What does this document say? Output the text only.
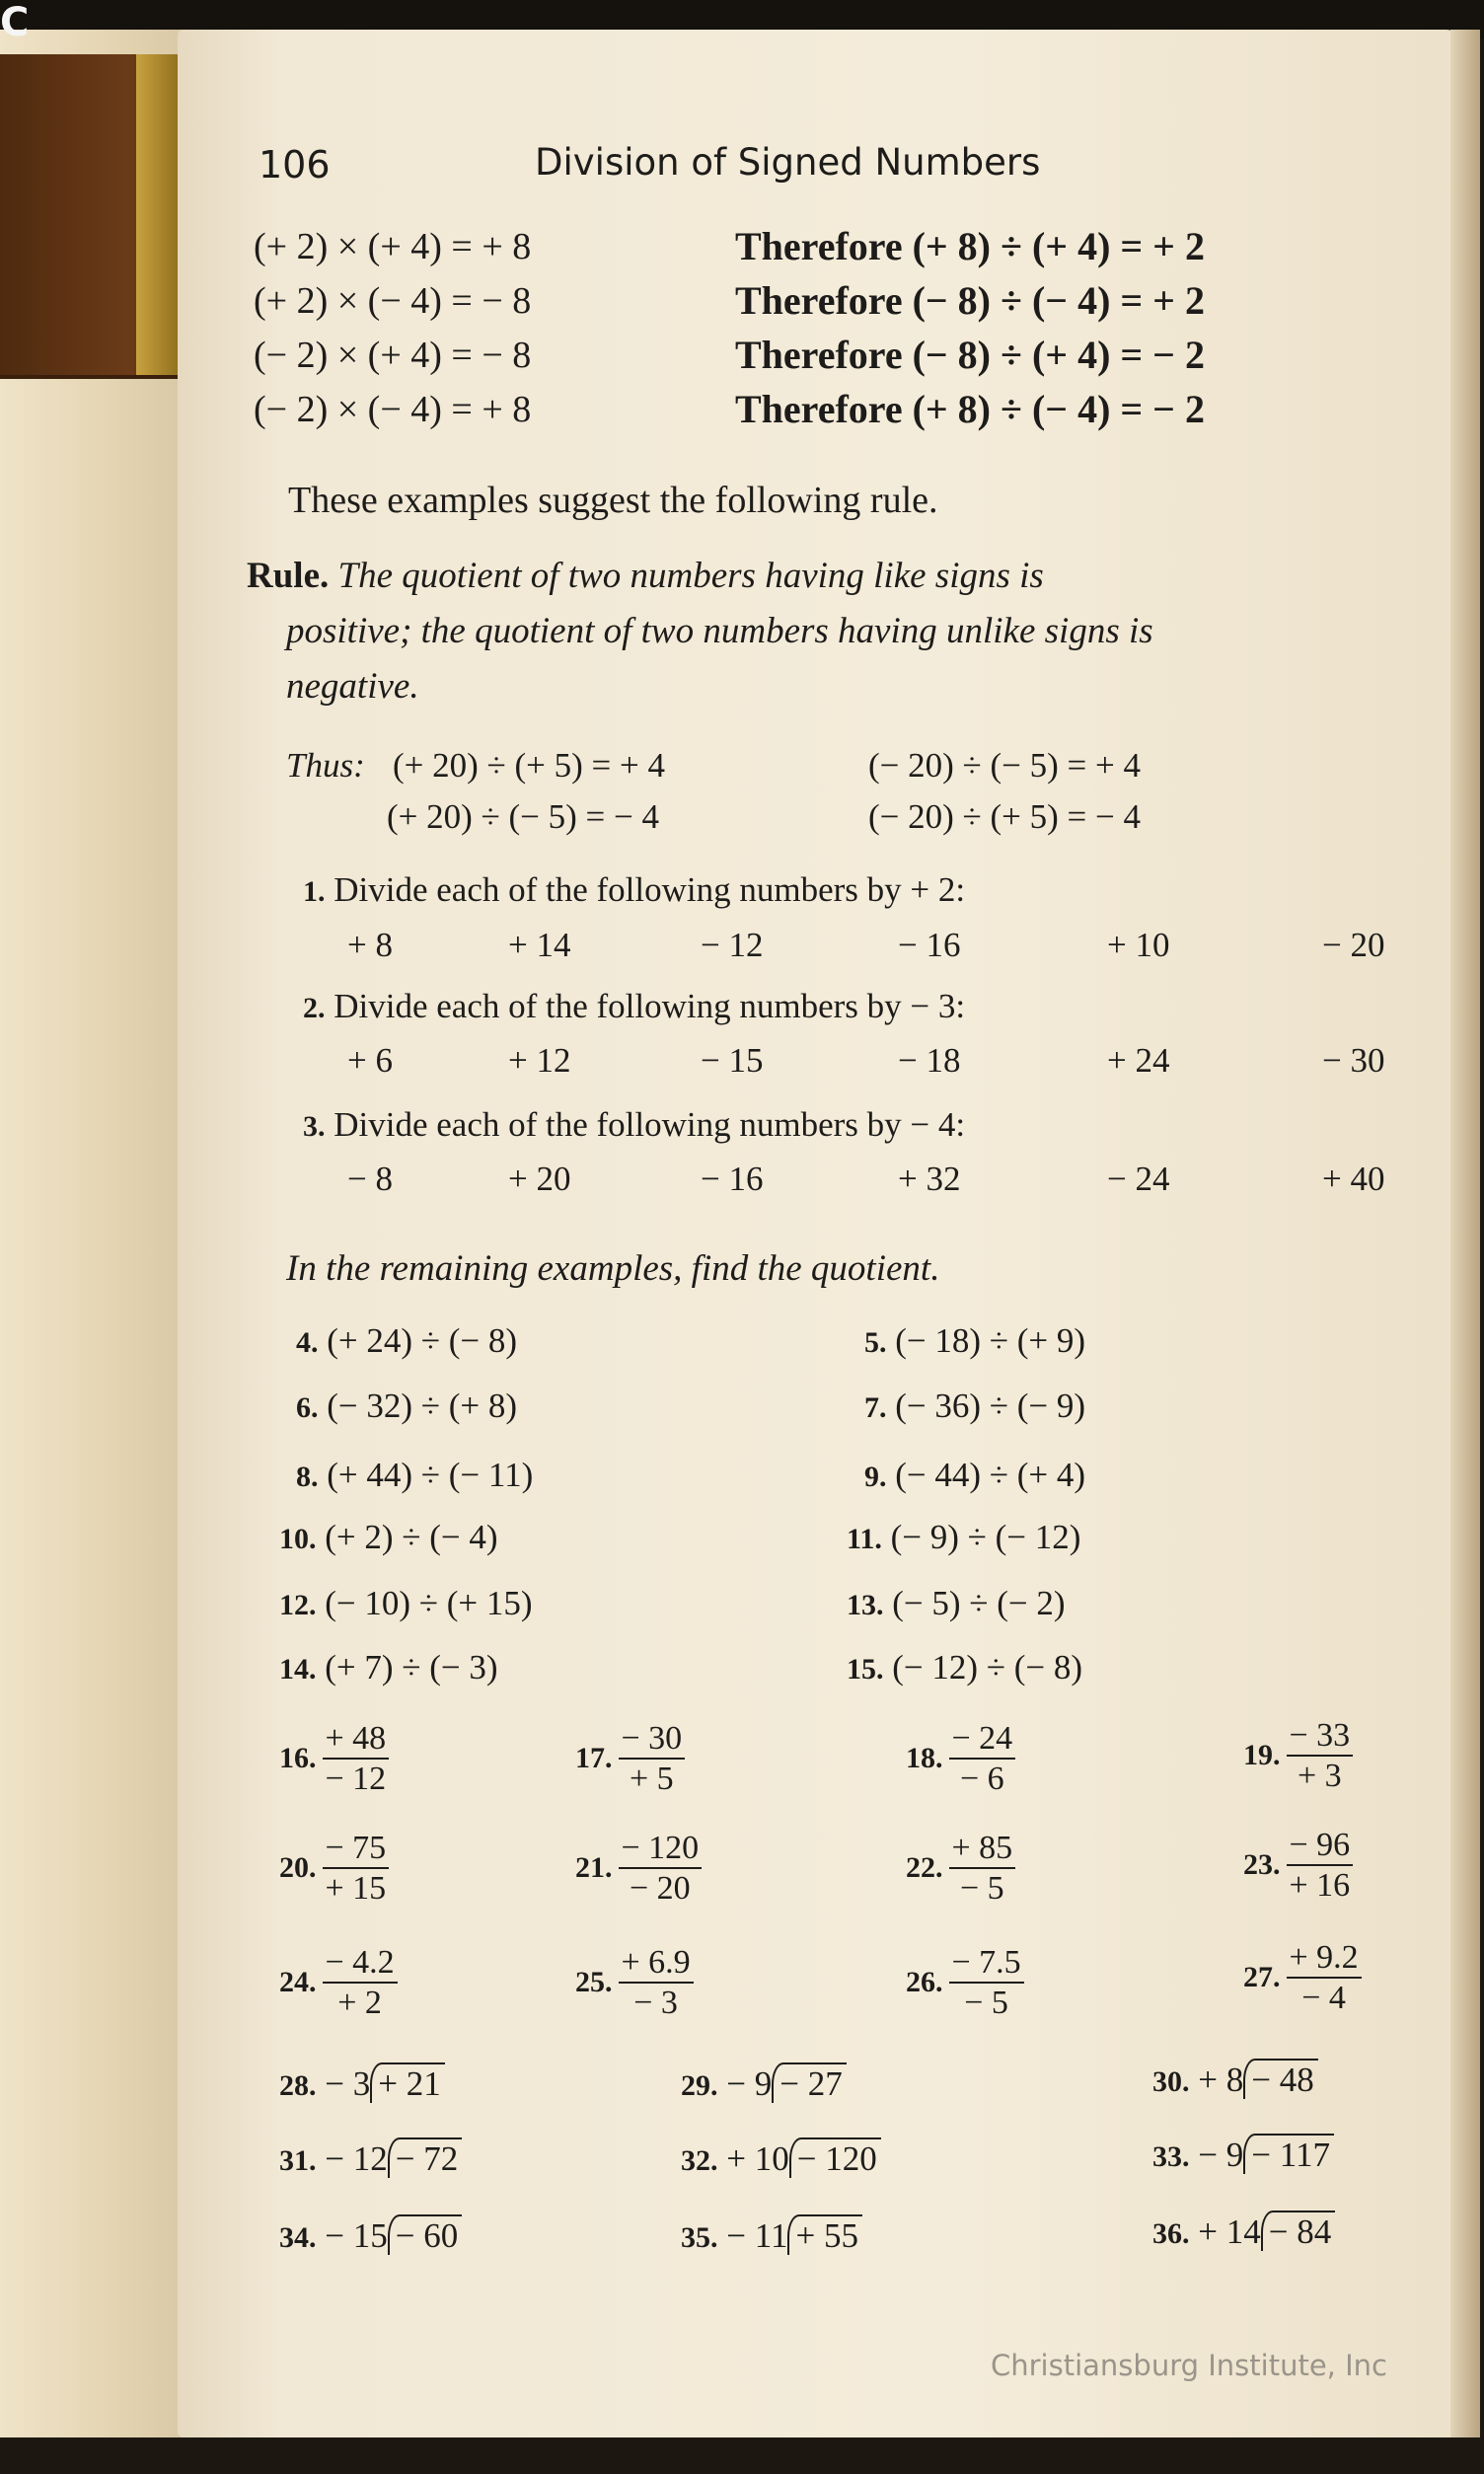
C
106	Division of Signed Numbers
(+ 2) × (+ 4) = + 8	Therefore (+ 8) ÷ (+ 4) = + 2
(+ 2) × (− 4) = − 8	Therefore (− 8) ÷ (− 4) = + 2
(− 2) × (+ 4) = − 8	Therefore (− 8) ÷ (+ 4) = − 2
(− 2) × (− 4) = + 8	Therefore (+ 8) ÷ (− 4) = − 2
These examples suggest the following rule.
Rule. The quotient of two numbers having like signs is
positive; the quotient of two numbers having unlike signs is
negative.
Thus: (+ 20) ÷ (+ 5) = + 4	(− 20) ÷ (− 5) = + 4
(+ 20) ÷ (− 5) = − 4	(− 20) ÷ (+ 5) = − 4
1. Divide each of the following numbers by + 2:
+ 8	+ 14	− 12	− 16	+ 10	− 20
2. Divide each of the following numbers by − 3:
+ 6	+ 12	− 15	− 18	+ 24	− 30
3. Divide each of the following numbers by − 4:
− 8	+ 20	− 16	+ 32	− 24	+ 40
In the remaining examples, find the quotient.
4. (+ 24) ÷ (− 8)	5. (− 18) ÷ (+ 9)
6. (− 32) ÷ (+ 8)	7. (− 36) ÷ (− 9)
8. (+ 44) ÷ (− 11)	9. (− 44) ÷ (+ 4)
10. (+ 2) ÷ (− 4)	11. (− 9) ÷ (− 12)
12. (− 10) ÷ (+ 15)	13. (− 5) ÷ (− 2)
14. (+ 7) ÷ (− 3)	15. (− 12) ÷ (− 8)
16. $\frac{+ 48}{- 12}$	17. $\frac{- 30}{+ 5}$	18. $\frac{- 24}{- 6}$	19. $\frac{- 33}{+ 3}$
20. $\frac{- 75}{+ 15}$	21. $\frac{- 120}{- 20}$	22. $\frac{+ 85}{- 5}$	23. $\frac{- 96}{+ 16}$
24. $\frac{- 4.2}{+ 2}$	25. $\frac{+ 6.9}{- 3}$	26. $\frac{- 7.5}{- 5}$	27. $\frac{+ 9.2}{- 4}$
28. − 3 + 21	29. − 9 − 27	30. + 8 − 48
31. − 12 − 72	32. + 10 − 120	33. − 9 − 117
34. − 15 − 60	35. − 11 + 55	36. + 14 − 84
Christiansburg Institute, Inc
